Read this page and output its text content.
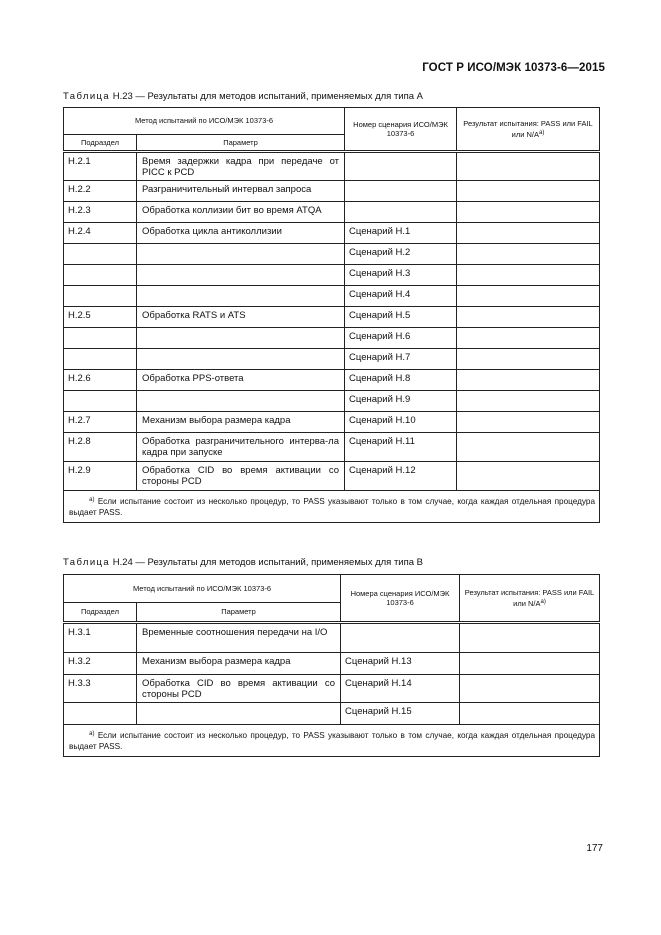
ГОСТ Р ИСО/МЭК 10373-6—2015
Таблица H.23 — Результаты для методов испытаний, применяемых для типа A
Метод испытаний по ИСО/МЭК 10373-6		Номер сценария ИСО/МЭК 10373-6	Результат испытания: PASS или FAIL или $N/A^{a)}$
Подраздел	Параметр		
H.2.1	Время задержки кадра при передаче от PICC к PCD		
H.2.2	Разграничительный интервал запроса		
H.2.3	Обработка коллизии бит во время ATQA		
H.2.4	Обработка цикла антиколлизии	Сценарий H.1	
		Сценарий H.2	
		Сценарий H.3	
		Сценарий H.4	
H.2.5	Обработка RATS и ATS	Сценарий H.5	
		Сценарий H.6	
		Сценарий H.7	
H.2.6	Обработка PPS-ответа	Сценарий H.8	
		Сценарий H.9	
H.2.7	Механизм выбора размера кадра	Сценарий H.10	
H.2.8	Обработка разграничительного интерва-ла кадра при запуске	Сценарий H.11	
H.2.9	Обработка CID во время активации со стороны PCD	Сценарий H.12	
$^{a)}$ Если испытание состоит из несколько процедур, то PASS указывают только в том случае, когда каждая отдельная процедура выдает PASS.			
Таблица H.24 — Результаты для методов испытаний, применяемых для типа B
Метод испытаний по ИСО/МЭК 10373-6		Номера сценария ИСО/МЭК 10373-6	Результат испытания: PASS или FAIL или $N/A^{a)}$
Подраздел	Параметр		
H.3.1	Временные соотношения передачи на I/O		
H.3.2	Механизм выбора размера кадра	Сценарий H.13	
H.3.3	Обработка CID во время активации со стороны PCD	Сценарий H.14	
		Сценарий H.15	
$^{a)}$ Если испытание состоит из несколько процедур, то PASS указывают только в том случае, когда каждая отдельная процедура выдает PASS.			
177
